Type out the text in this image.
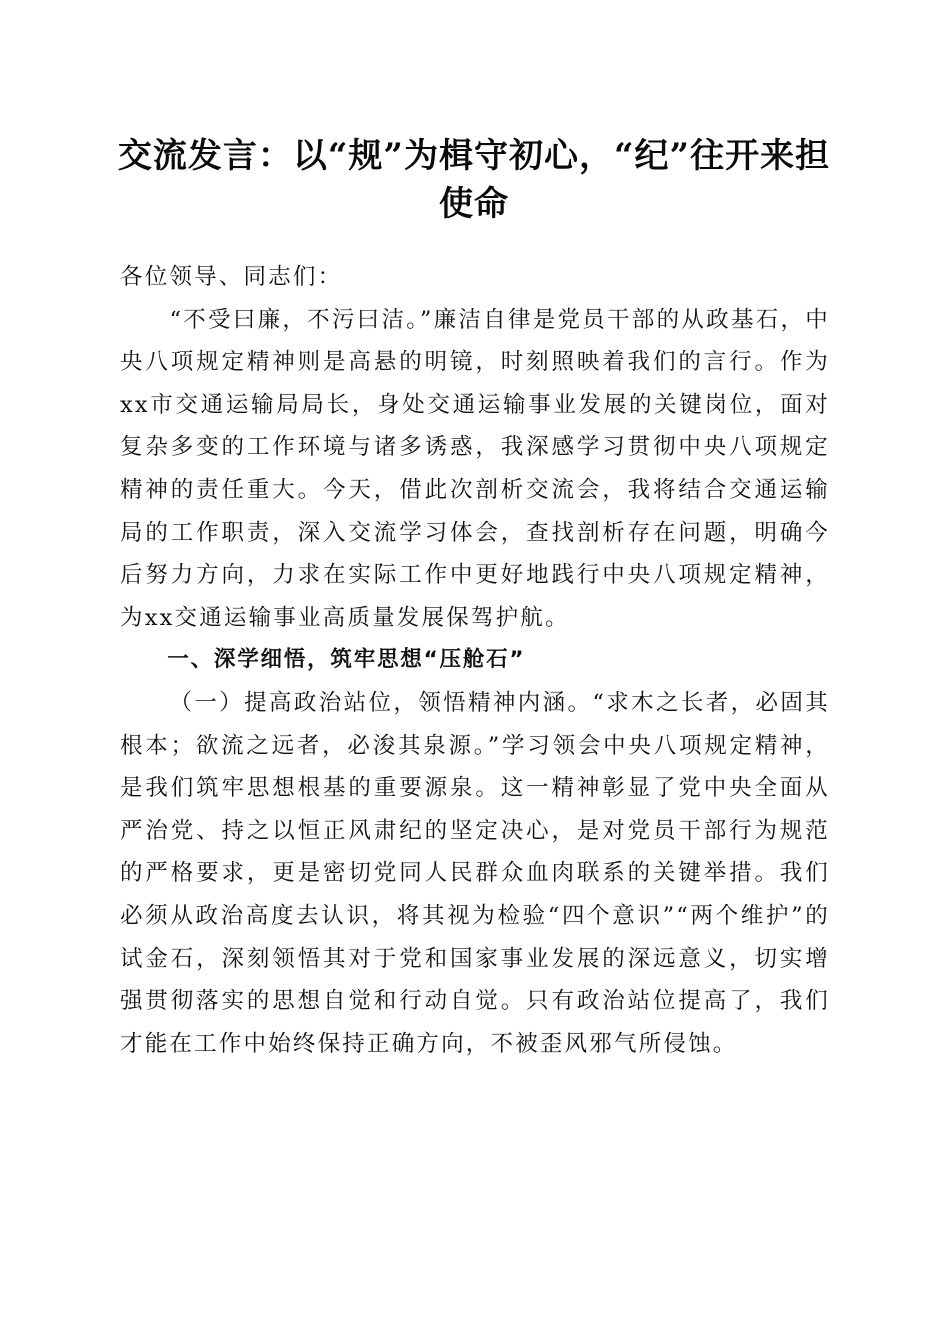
交流发言：以“规”为楫守初心，“纪”往开来担使命

各位领导、同志们：

“不受曰廉，不污曰洁。”廉洁自律是党员干部的从政基石，中央八项规定精神则是高悬的明镜，时刻照映着我们的言行。作为xx市交通运输局局长，身处交通运输事业发展的关键岗位，面对复杂多变的工作环境与诸多诱惑，我深感学习贯彻中央八项规定精神的责任重大。今天，借此次剖析交流会，我将结合交通运输局的工作职责，深入交流学习体会，查找剖析存在问题，明确今后努力方向，力求在实际工作中更好地践行中央八项规定精神，为xx交通运输事业高质量发展保驾护航。

一、深学细悟，筑牢思想“压舱石”

（一）提高政治站位，领悟精神内涵。“求木之长者，必固其根本；欲流之远者，必浚其泉源。”学习领会中央八项规定精神，是我们筑牢思想根基的重要源泉。这一精神彰显了党中央全面从严治党、持之以恒正风肃纪的坚定决心，是对党员干部行为规范的严格要求，更是密切党同人民群众血肉联系的关键举措。我们必须从政治高度去认识，将其视为检验“四个意识”“两个维护”的试金石，深刻领悟其对于党和国家事业发展的深远意义，切实增强贯彻落实的思想自觉和行动自觉。只有政治站位提高了，我们才能在工作中始终保持正确方向，不被歪风邪气所侵蚀。
